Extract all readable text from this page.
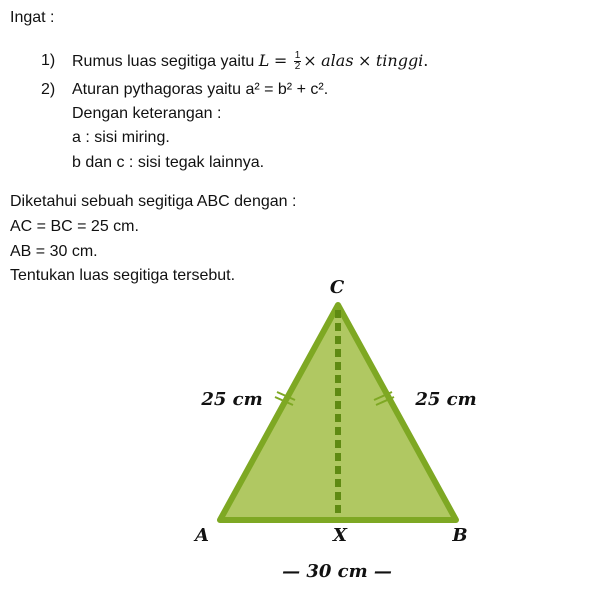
Ingat :
1) Rumus luas segitiga yaitu $L = \frac{1}{2}$ × alas × tinggi.
2) Aturan pythagoras yaitu a² = b² + c².
Dengan keterangan :
a : sisi miring.
b dan c : sisi tegak lainnya.
Diketahui sebuah segitiga ABC dengan :
AC = BC = 25 cm.
AB = 30 cm.
Tentukan luas segitiga tersebut.
C
A	B
X
25 cm	25 cm
— 30 cm —
